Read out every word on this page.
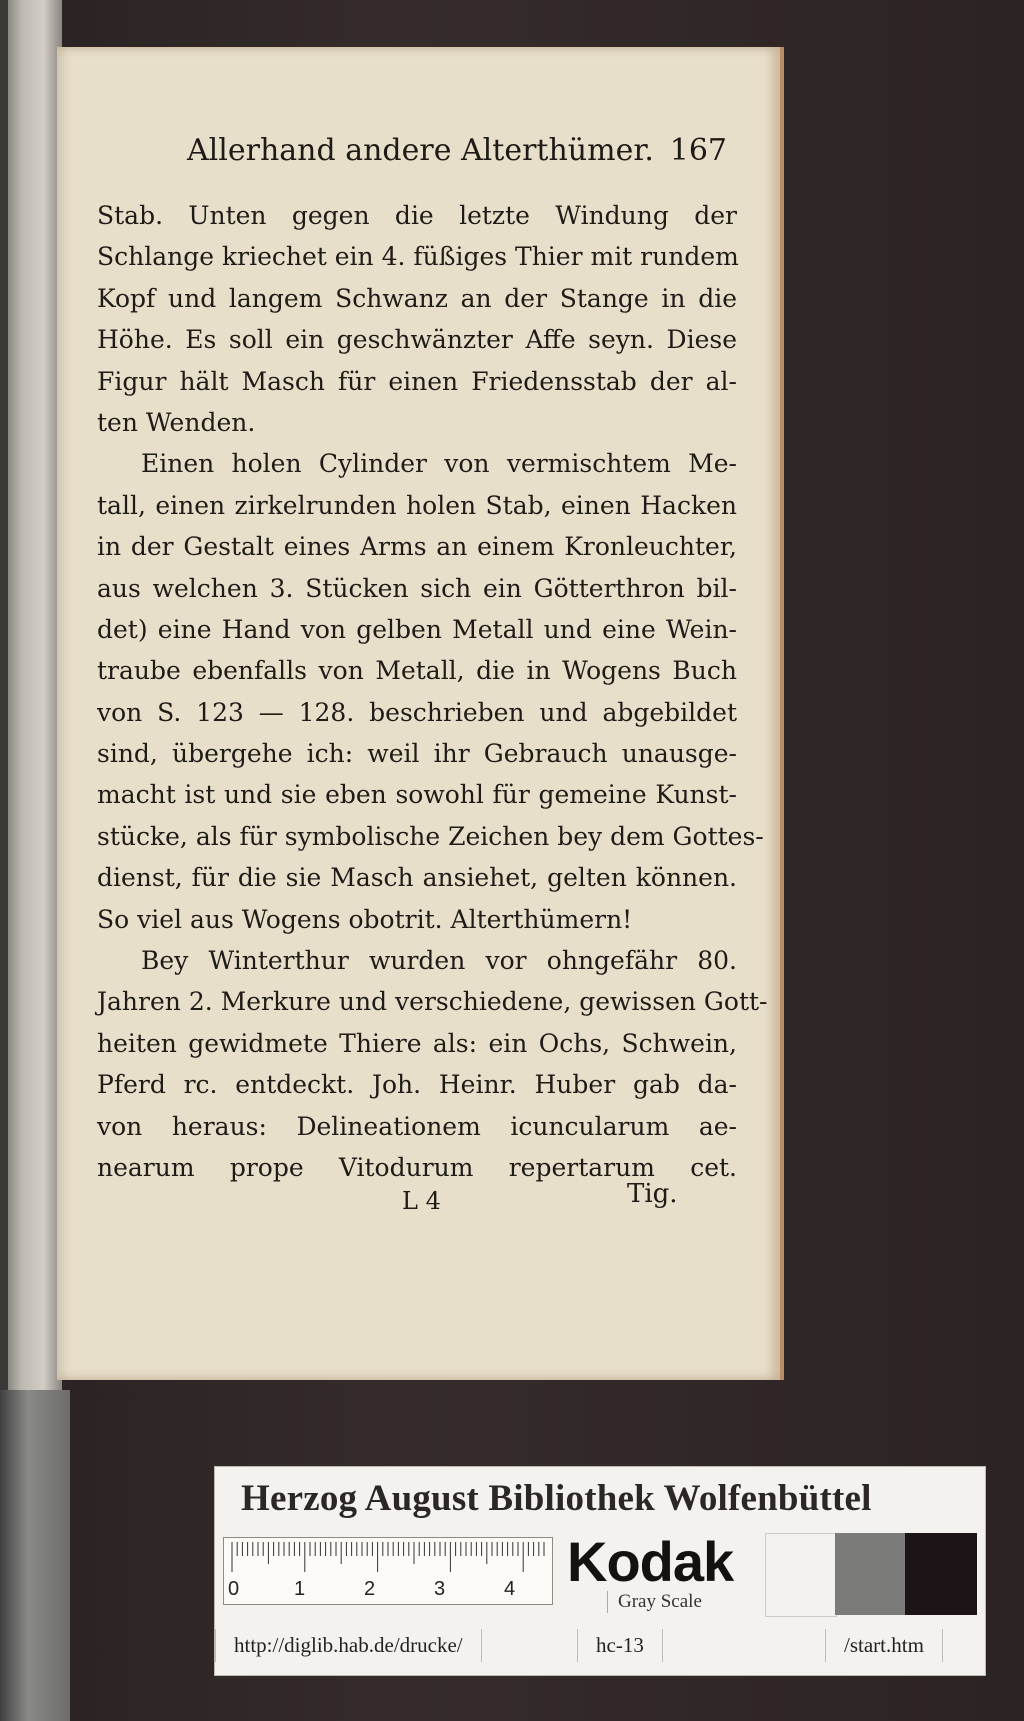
Allerhand andere Alterthümer. 167
Stab. Unten gegen die letzte Windung der
Schlange kriechet ein 4. füßiges Thier mit rundem
Kopf und langem Schwanz an der Stange in die
Höhe. Es soll ein geschwänzter Affe seyn. Diese
Figur hält Masch für einen Friedensstab der al-
ten Wenden.
Einen holen Cylinder von vermischtem Me-
tall, einen zirkelrunden holen Stab, einen Hacken
in der Gestalt eines Arms an einem Kronleuchter,
aus welchen 3. Stücken sich ein Götterthron bil-
det) eine Hand von gelben Metall und eine Wein-
traube ebenfalls von Metall, die in Wogens Buch
von S. 123 — 128. beschrieben und abgebildet
sind, übergehe ich: weil ihr Gebrauch unausge-
macht ist und sie eben sowohl für gemeine Kunst-
stücke, als für symbolische Zeichen bey dem Gottes-
dienst, für die sie Masch ansiehet, gelten können.
So viel aus Wogens obotrit. Alterthümern!
Bey Winterthur wurden vor ohngefähr 80.
Jahren 2. Merkure und verschiedene, gewissen Gott-
heiten gewidmete Thiere als: ein Ochs, Schwein,
Pferd rc. entdeckt. Joh. Heinr. Huber gab da-
von heraus: Delineationem icuncularum ae-
nearum prope Vitodurum repertarum cet.
L 4	Tig.
Herzog August Bibliothek Wolfenbüttel
0	1	2	3	4 Kodak
Gray Scale
http://diglib.hab.de/drucke/	hc-13	/start.htm
